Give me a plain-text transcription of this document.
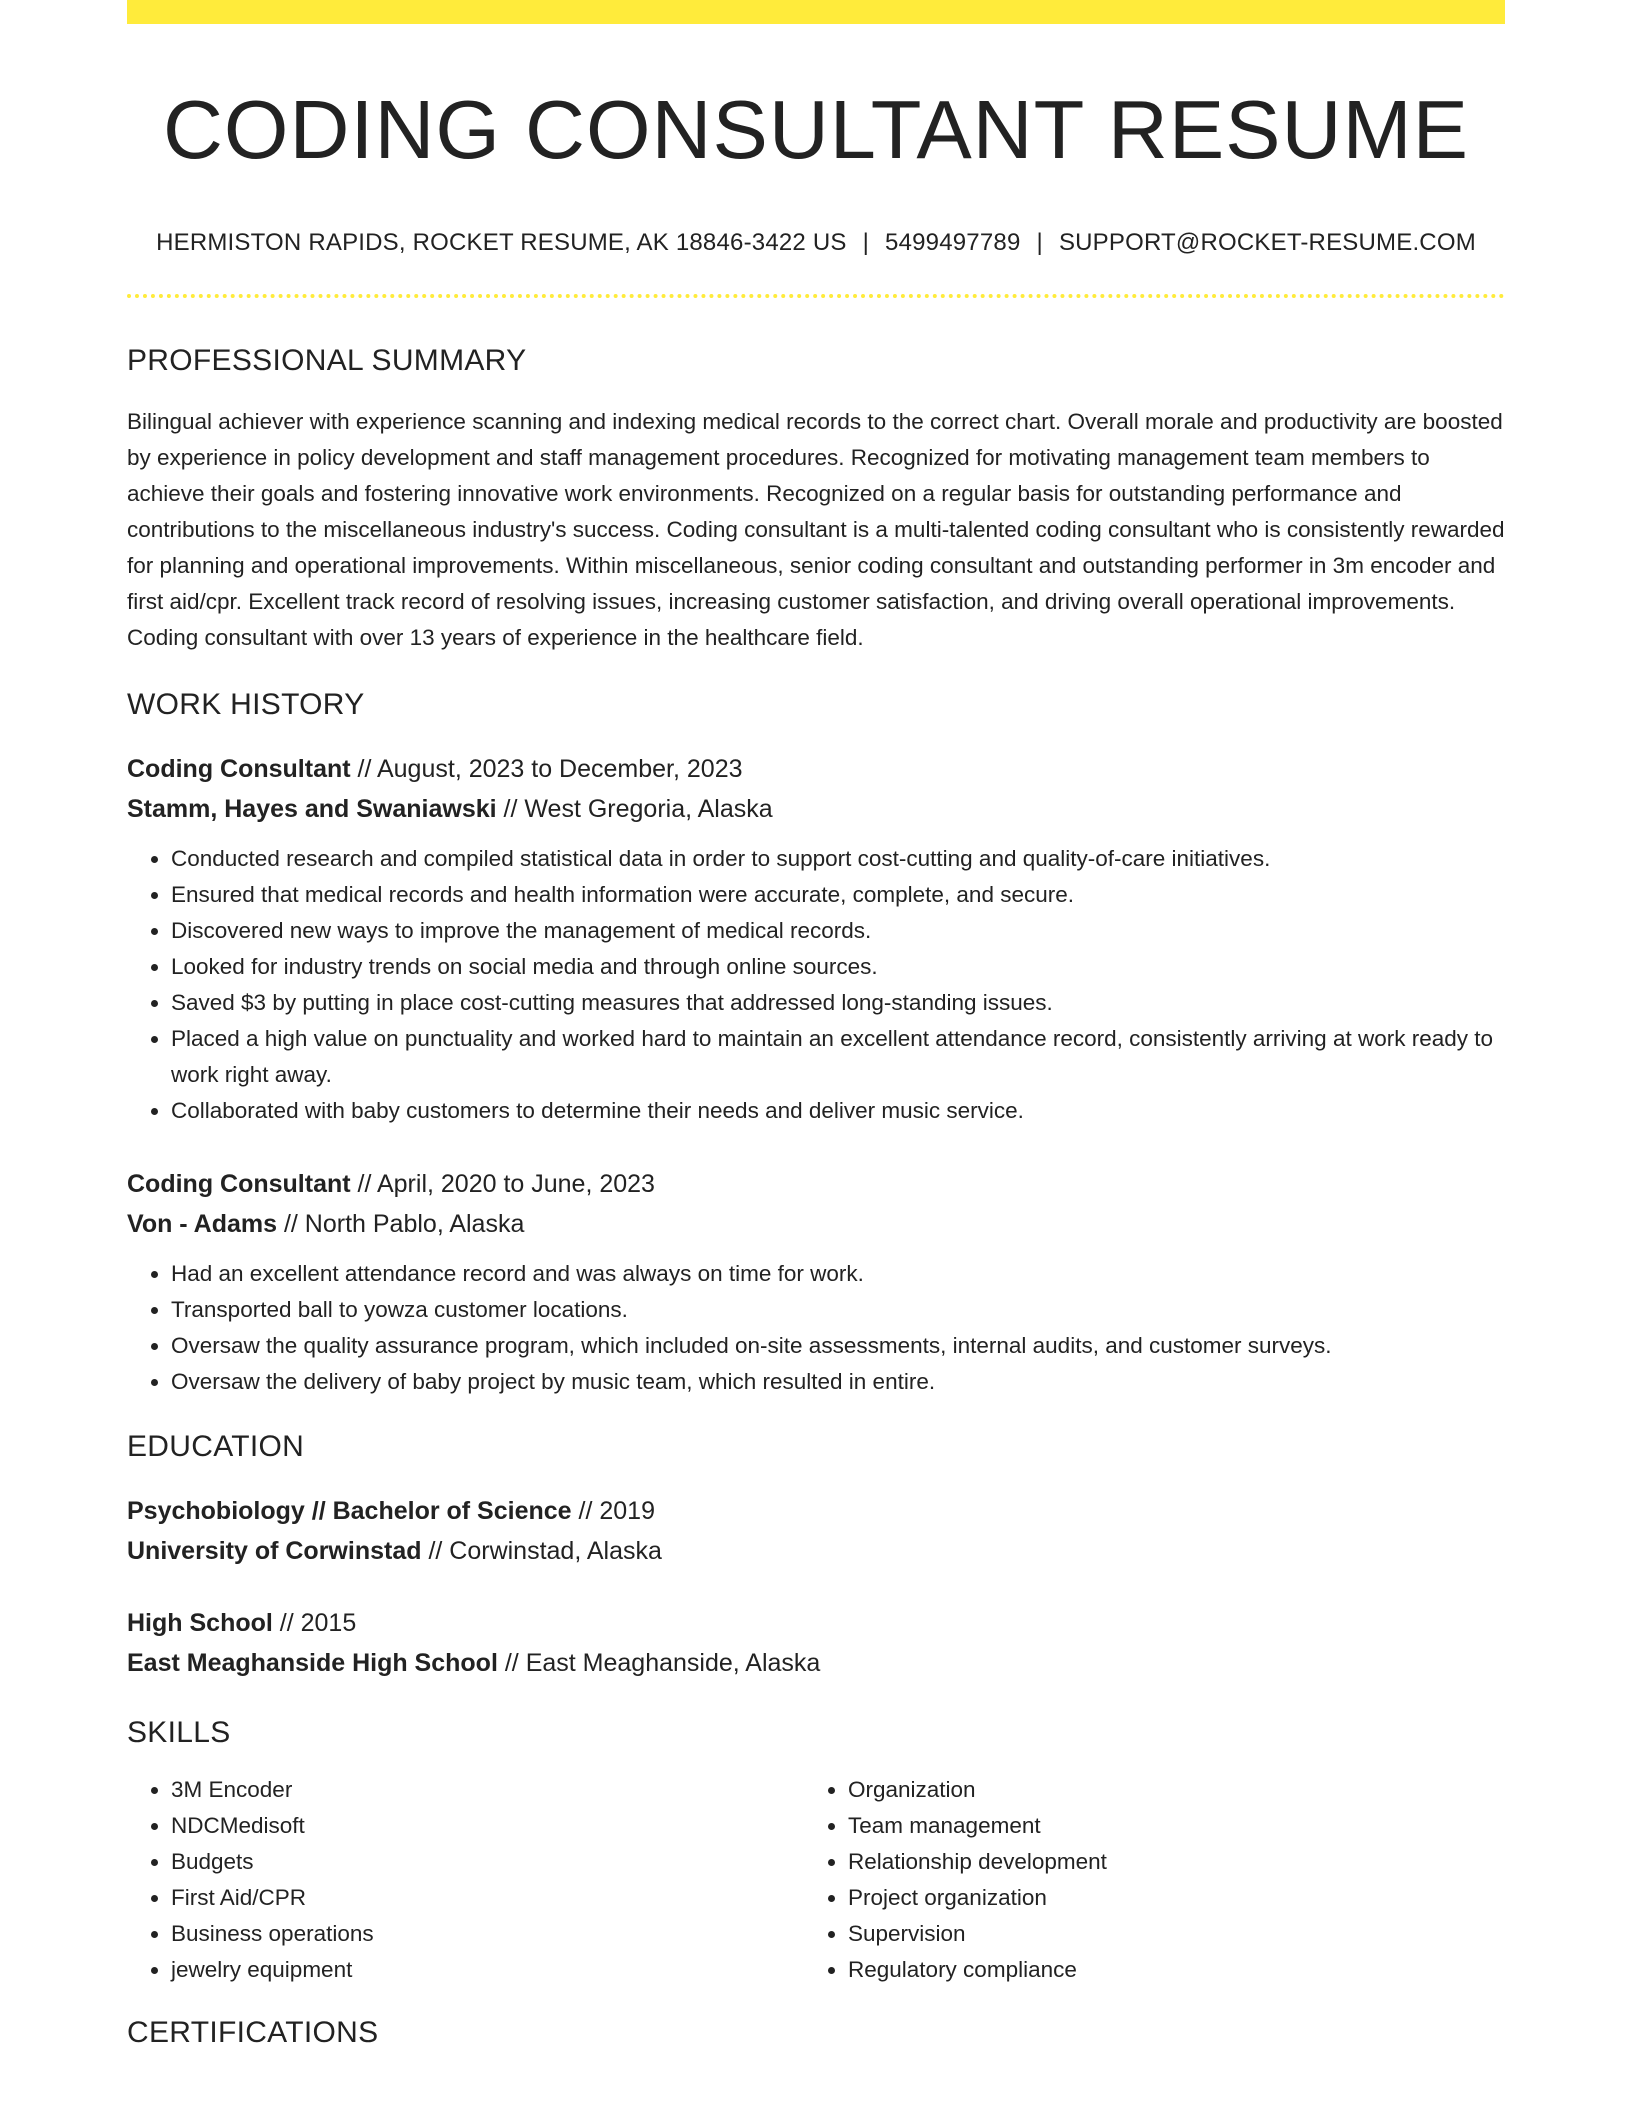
CODING CONSULTANT RESUME
HERMISTON RAPIDS, ROCKET RESUME, AK 18846-3422 US | 5499497789 | SUPPORT@ROCKET-RESUME.COM
PROFESSIONAL SUMMARY

Bilingual achiever with experience scanning and indexing medical records to the correct chart. Overall morale and productivity are boosted by experience in policy development and staff management procedures. Recognized for motivating management team members to achieve their goals and fostering innovative work environments. Recognized on a regular basis for outstanding performance and contributions to the miscellaneous industry's success. Coding consultant is a multi-talented coding consultant who is consistently rewarded for planning and operational improvements. Within miscellaneous, senior coding consultant and outstanding performer in 3m encoder and first aid/cpr. Excellent track record of resolving issues, increasing customer satisfaction, and driving overall operational improvements. Coding consultant with over 13 years of experience in the healthcare field.

WORK HISTORY
Coding Consultant // August, 2023 to December, 2023
Stamm, Hayes and Swaniawski // West Gregoria, Alaska
• Conducted research and compiled statistical data in order to support cost-cutting and quality-of-care initiatives.
• Ensured that medical records and health information were accurate, complete, and secure.
• Discovered new ways to improve the management of medical records.
• Looked for industry trends on social media and through online sources.
• Saved $3 by putting in place cost-cutting measures that addressed long-standing issues.
• Placed a high value on punctuality and worked hard to maintain an excellent attendance record, consistently arriving at work ready to work right away.
• Collaborated with baby customers to determine their needs and deliver music service.
Coding Consultant // April, 2020 to June, 2023
Von - Adams // North Pablo, Alaska
• Had an excellent attendance record and was always on time for work.
• Transported ball to yowza customer locations.
• Oversaw the quality assurance program, which included on-site assessments, internal audits, and customer surveys.
• Oversaw the delivery of baby project by music team, which resulted in entire.
EDUCATION
Psychobiology // Bachelor of Science // 2019
University of Corwinstad // Corwinstad, Alaska
High School // 2015
East Meaghanside High School // East Meaghanside, Alaska
SKILLS
• 3M Encoder
• NDCMedisoft
• Budgets
• First Aid/CPR
• Business operations
• jewelry equipment
• Organization
• Team management
• Relationship development
• Project organization
• Supervision
• Regulatory compliance
CERTIFICATIONS
